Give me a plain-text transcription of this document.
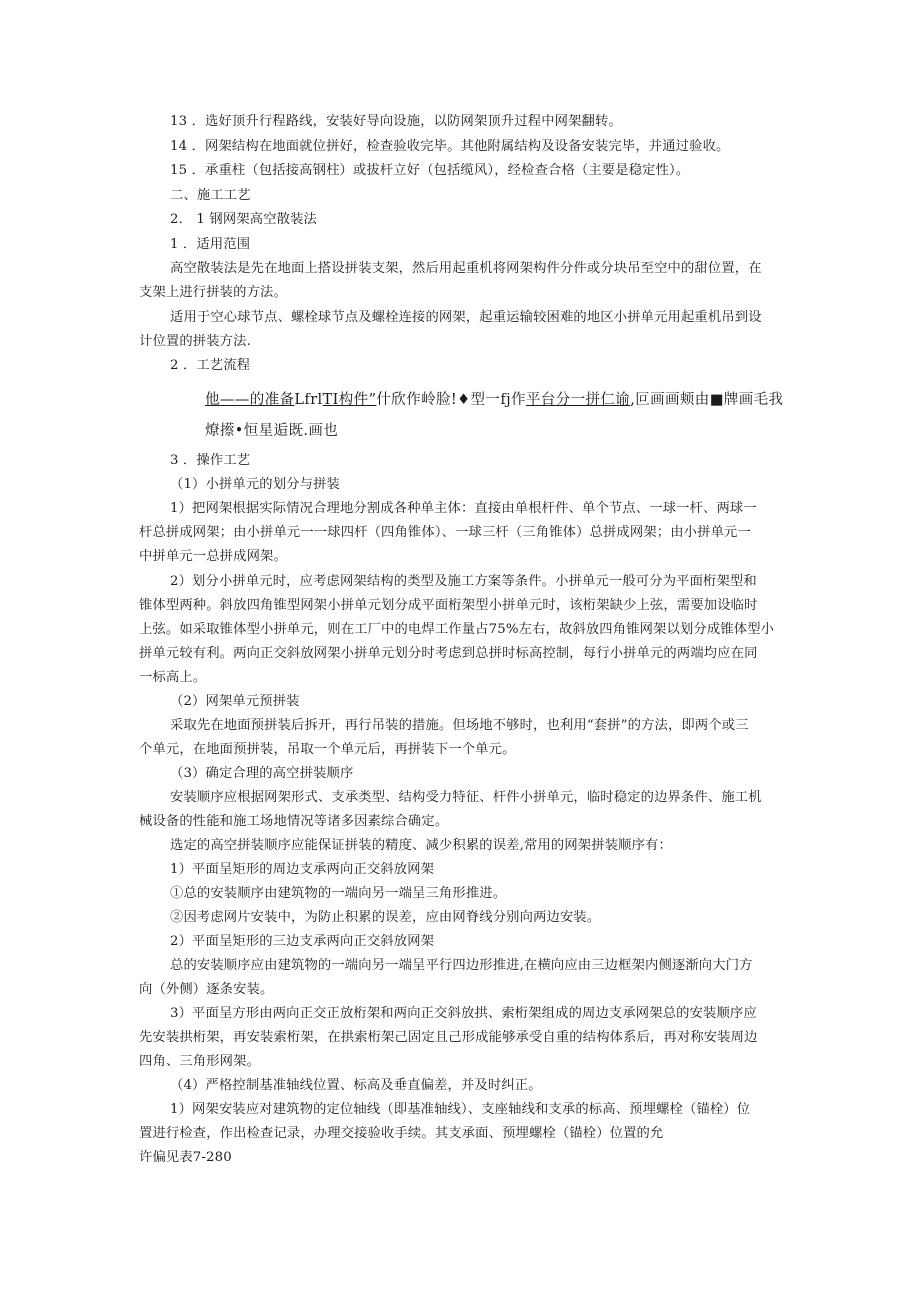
13 ．选好顶升行程路线，安装好导向设施，以防网架顶升过程中网架翻转。
14 ．网架结构在地面就位拼好，检查验收完毕。其他附属结构及设备安装完毕，并通过验收。
15 ．承重柱（包括接高钢柱）或拔杆立好（包括缆风），经检查合格（主要是稳定性）。
二、施工工艺
2． 1 钢网架高空散装法
1 ．适用范围
高空散装法是先在地面上搭设拼装支架，然后用起重机将网架构件分件或分块吊至空中的甜位置，在
支架上进行拼装的方法。
适用于空心球节点、螺栓球节点及螺栓连接的网架，起重运输较困难的地区小拼单元用起重机吊到设
计位置的拼装方法.
2 ．工艺流程
他——的准备LfrlTI构件”什欣作岭脸!♦型一fj作平台分一拼仁谕,叵画画颊由■牌画毛我
燎攃•恒星逅既.画也
3 ．操作工艺
（1）小拼单元的划分与拼装
1）把网架根据实际情况合理地分割成各种单主体：直接由单根杆件、单个节点、一球一杆、两球一
杆总拼成网架；由小拼单元一一球四杆（四角锥体）、一球三杆（三角锥体）总拼成网架；由小拼单元一
中拼单元一总拼成网架。
2）划分小拼单元时，应考虑网架结构的类型及施工方案等条件。小拼单元一般可分为平面桁架型和
锥体型两种。斜放四角锥型网架小拼单元划分成平面桁架型小拼单元时，该桁架缺少上弦，需要加设临时
上弦。如采取锥体型小拼单元，则在工厂中的电焊工作量占75%左右，故斜放四角锥网架以划分成锥体型小
拼单元较有利。两向正交斜放网架小拼单元划分时考虑到总拼时标高控制，每行小拼单元的两端均应在同
一标高上。
（2）网架单元预拼装
采取先在地面预拼装后拆开，再行吊装的措施。但场地不够时，也利用“套拼”的方法，即两个或三
个单元，在地面预拼装，吊取一个单元后，再拼装下一个单元。
（3）确定合理的高空拼装顺序
安装顺序应根据网架形式、支承类型、结构受力特征、杆件小拼单元，临时稳定的边界条件、施工机
械设备的性能和施工场地情况等诸多因素综合确定。
选定的高空拼装顺序应能保证拼装的精度、减少积累的误差,常用的网架拼装顺序有：
1）平面呈矩形的周边支承两向正交斜放网架
①总的安装顺序由建筑物的一端向另一端呈三角形推进。
②因考虑网片安装中，为防止积累的误差，应由网脊线分别向两边安装。
2）平面呈矩形的三边支承两向正交斜放网架
总的安装顺序应由建筑物的一端向另一端呈平行四边形推进,在横向应由三边框架内侧逐渐向大门方
向（外侧）逐条安装。
3）平面呈方形由两向正交正放桁架和两向正交斜放拱、索桁架组成的周边支承网架总的安装顺序应
先安装拱桁架，再安装索桁架，在拱索桁架己固定且己形成能够承受自重的结构体系后，再对称安装周边
四角、三角形网架。
（4）严格控制基准轴线位置、标高及垂直偏差，并及时纠正。
1）网架安装应对建筑物的定位轴线（即基准轴线）、支座轴线和支承的标高、预埋螺栓（锚栓）位
置进行检查，作出检查记录，办理交接验收手续。其支承面、预埋螺栓（锚栓）位置的允
许偏见表7-280
